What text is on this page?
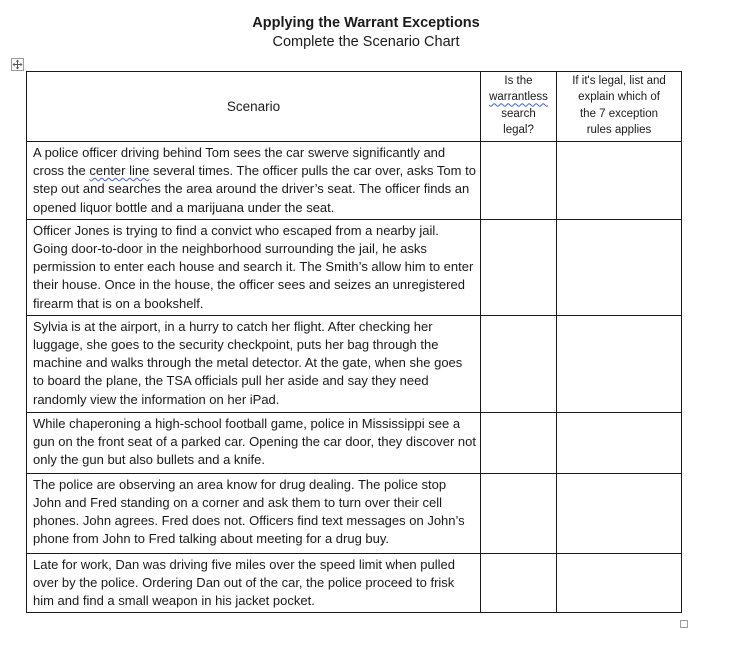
Applying the Warrant Exceptions
Complete the Scenario Chart
Scenario	Is the
warrantless
search
legal?	If it's legal, list and
explain which of
the 7 exception
rules applies

A police officer driving behind Tom sees the car swerve significantly and cross the center line several times. The officer pulls the car over, asks Tom to step out and searches the area around the driver’s seat. The officer finds an opened liquor bottle and a marijuana under the seat.		
Officer Jones is trying to find a convict who escaped from a nearby jail. Going door-to-door in the neighborhood surrounding the jail, he asks permission to enter each house and search it. The Smith’s allow him to enter their house. Once in the house, the officer sees and seizes an unregistered firearm that is on a bookshelf.		
Sylvia is at the airport, in a hurry to catch her flight. After checking her luggage, she goes to the security checkpoint, puts her bag through the machine and walks through the metal detector. At the gate, when she goes to board the plane, the TSA officials pull her aside and say they need randomly view the information on her iPad.		
While chaperoning a high-school football game, police in Mississippi see a gun on the front seat of a parked car. Opening the car door, they discover not only the gun but also bullets and a knife.		
The police are observing an area know for drug dealing. The police stop John and Fred standing on a corner and ask them to turn over their cell phones. John agrees. Fred does not. Officers find text messages on John’s phone from John to Fred talking about meeting for a drug buy.		
Late for work, Dan was driving five miles over the speed limit when pulled over by the police. Ordering Dan out of the car, the police proceed to frisk him and find a small weapon in his jacket pocket.		
